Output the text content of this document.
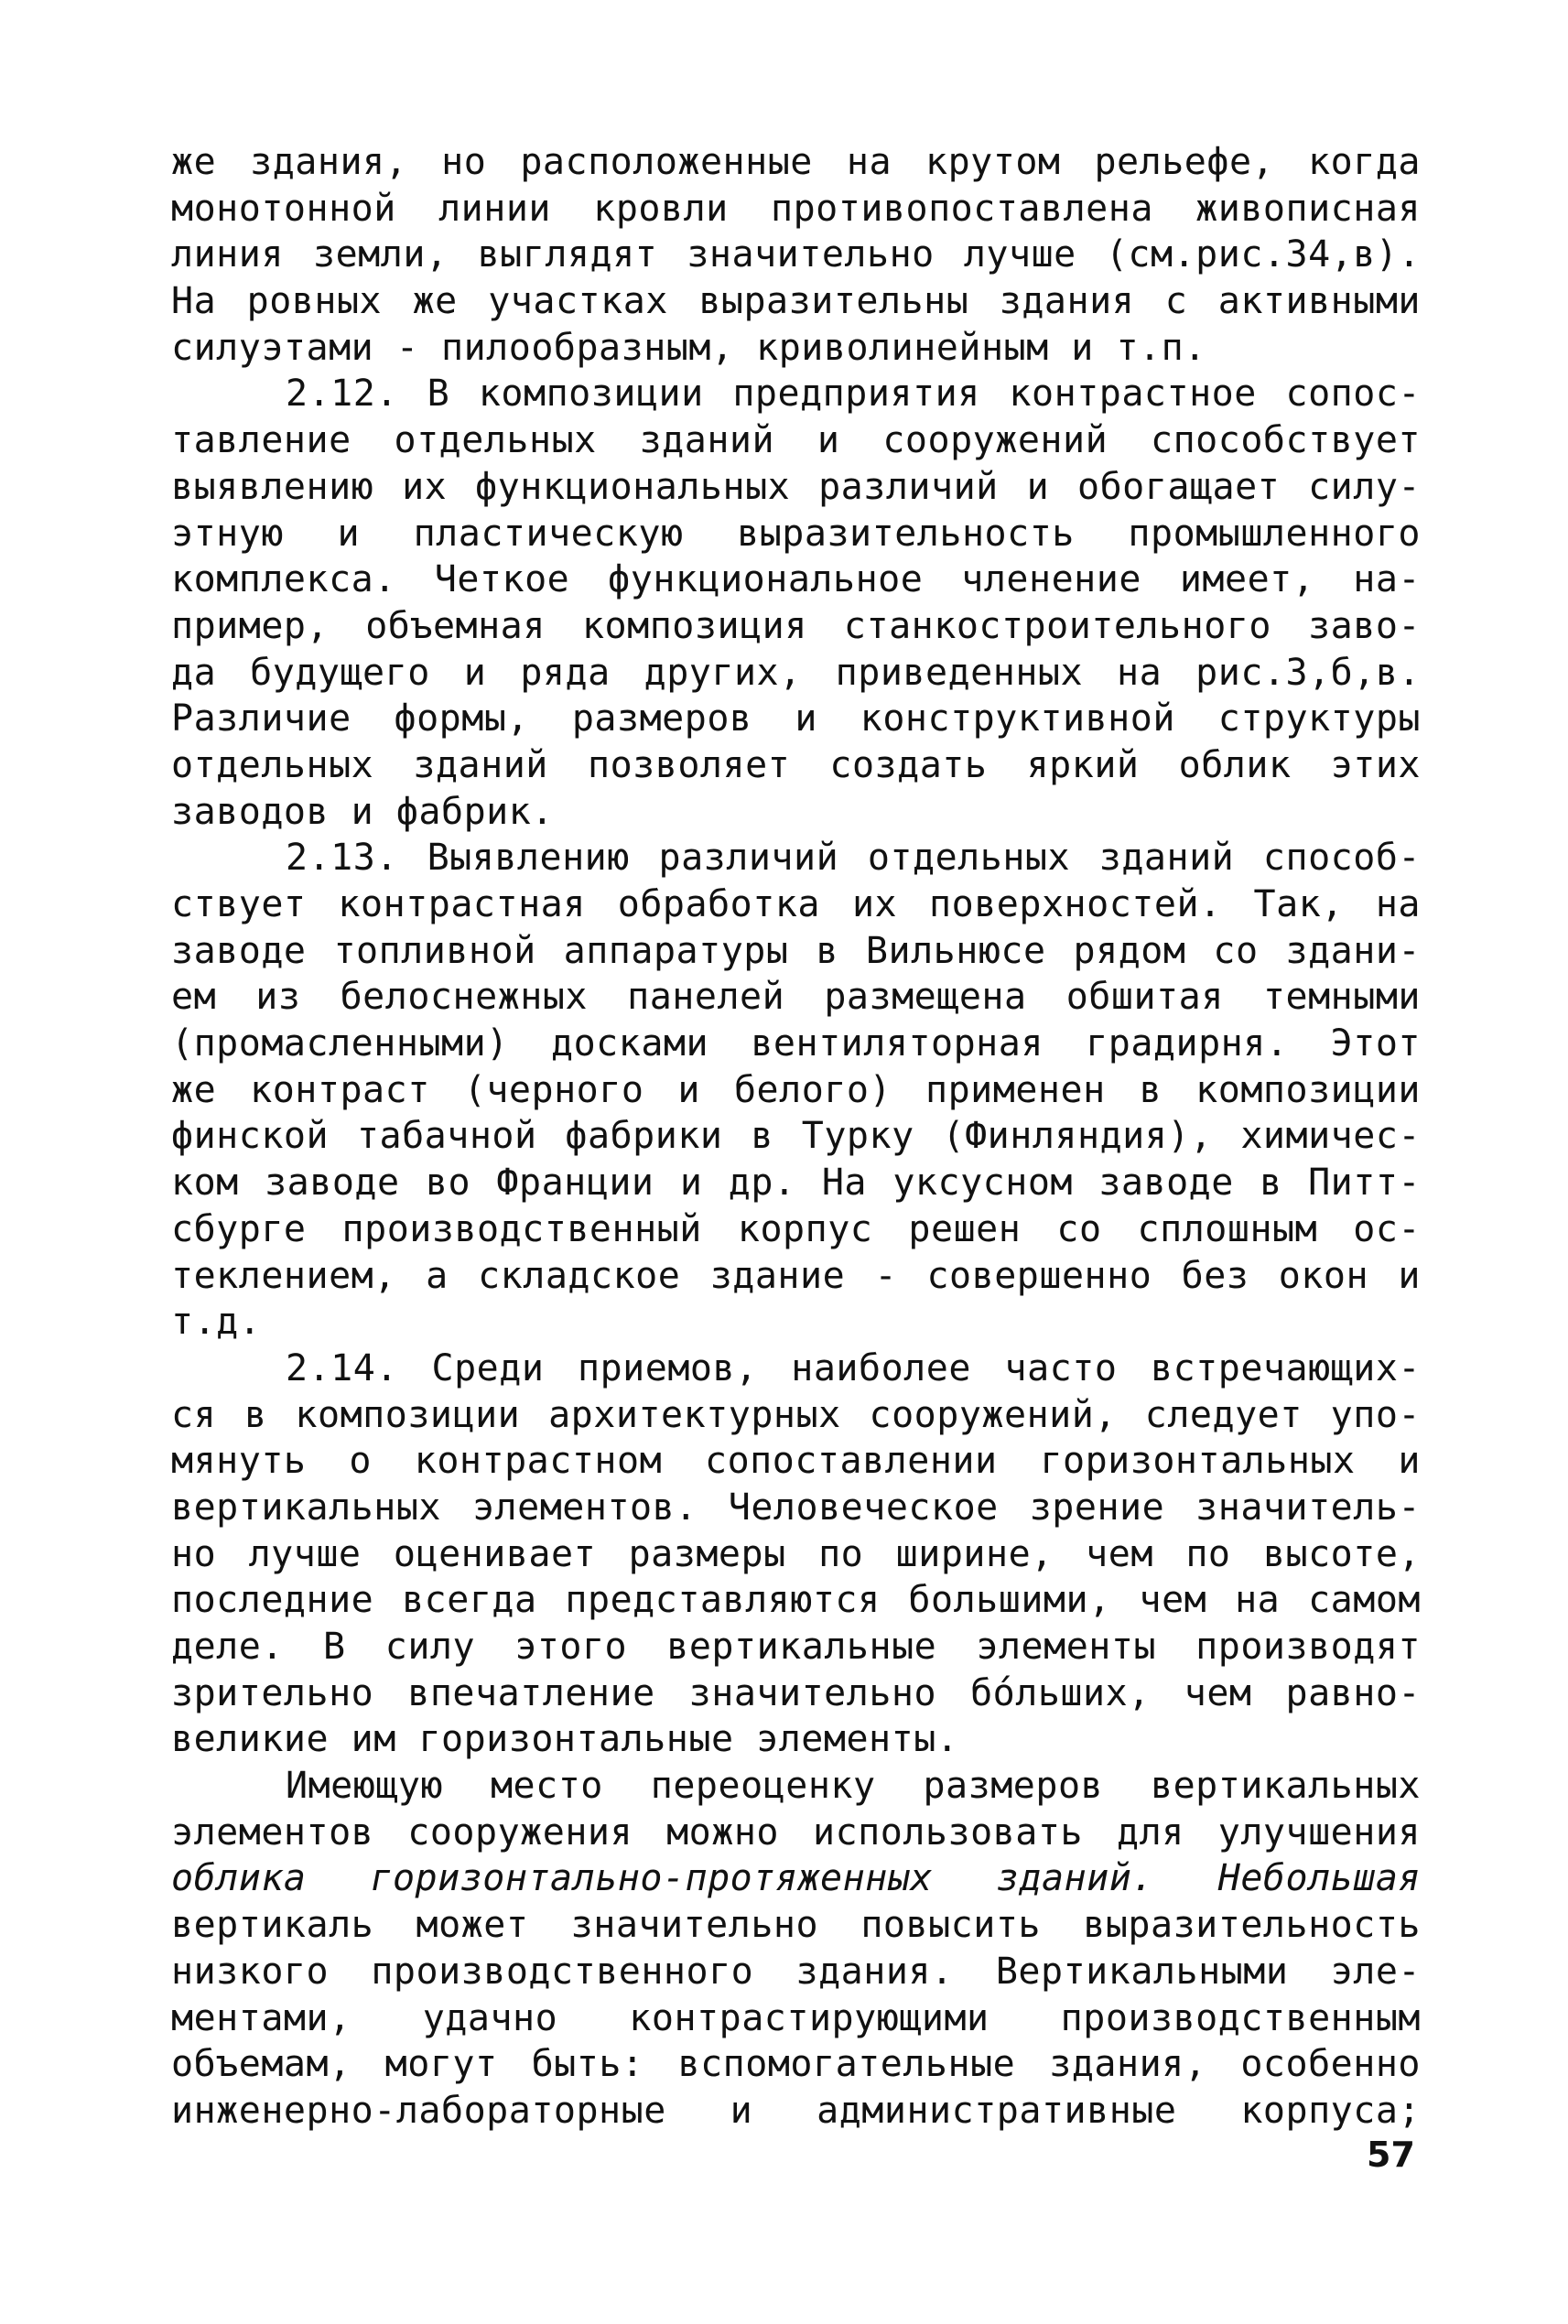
же здания, но расположенные на крутом рельефе, когда
монотонной линии кровли противопоставлена живописная
линия земли, выглядят значительно лучше (см.рис.34,в).
На ровных же участках выразительны здания с активными
силуэтами - пилообразным, криволинейным и т.п.
2.12. В композиции предприятия контрастное сопос-
тавление отдельных зданий и сооружений способствует
выявлению их функциональных различий и обогащает силу-
этную и пластическую выразительность промышленного
комплекса. Четкое функциональное членение имеет, на-
пример, объемная композиция станкостроительного заво-
да будущего и ряда других, приведенных на рис.3,б,в.
Различие формы, размеров и конструктивной структуры
отдельных зданий позволяет создать яркий облик этих
заводов и фабрик.
2.13. Выявлению различий отдельных зданий способ-
ствует контрастная обработка их поверхностей. Так, на
заводе топливной аппаратуры в Вильнюсе рядом со здани-
ем из белоснежных панелей размещена обшитая темными
(промасленными) досками вентиляторная градирня. Этот
же контраст (черного и белого) применен в композиции
финской табачной фабрики в Турку (Финляндия), химичес-
ком заводе во Франции и др. На уксусном заводе в Питт-
сбурге производственный корпус решен со сплошным ос-
теклением, а складское здание - совершенно без окон и
т.д.
2.14. Среди приемов, наиболее часто встречающих-
ся в композиции архитектурных сооружений, следует упо-
мянуть о контрастном сопоставлении горизонтальных и
вертикальных элементов. Человеческое зрение значитель-
но лучше оценивает размеры по ширине, чем по высоте,
последние всегда представляются большими, чем на самом
деле. В силу этого вертикальные элементы производят
зрительно впечатление значительно бо́льших, чем равно-
великие им горизонтальные элементы.
Имеющую место переоценку размеров вертикальных
элементов сооружения можно использовать для улучшения
облика горизонтально-протяженных зданий. Небольшая
вертикаль может значительно повысить выразительность
низкого производственного здания. Вертикальными эле-
ментами, удачно контрастирующими производственным
объемам, могут быть: вспомогательные здания, особенно
инженерно-лабораторные и административные корпуса;
57
